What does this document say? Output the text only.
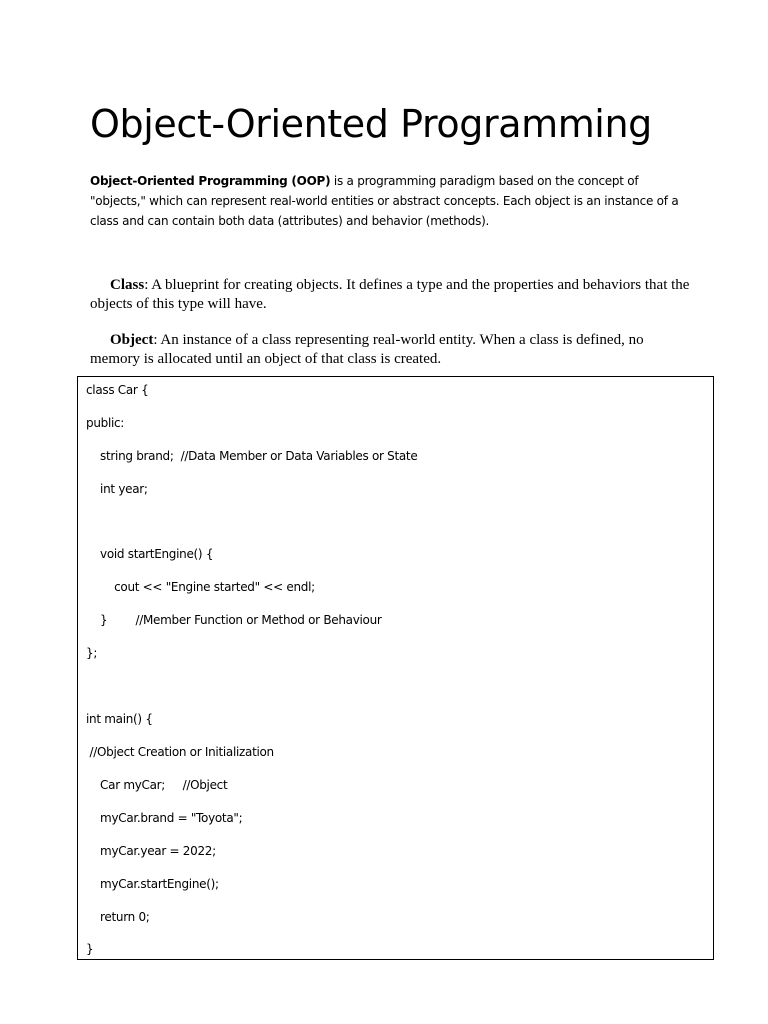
Object-Oriented Programming

Object-Oriented Programming (OOP) is a programming paradigm based on the concept of "objects," which can represent real-world entities or abstract concepts. Each object is an instance of a class and can contain both data (attributes) and behavior (methods).

Class: A blueprint for creating objects. It defines a type and the properties and behaviors that the objects of this type will have.

Object: An instance of a class representing real-world entity. When a class is defined, no memory is allocated until an object of that class is created.

class Car {
public:
string brand;  //Data Member or Data Variables or State
int year;
void startEngine() {
cout << "Engine started" << endl;
}        //Member Function or Method or Behaviour
};
int main() {
//Object Creation or Initialization
Car myCar;     //Object
myCar.brand = "Toyota";
myCar.year = 2022;
myCar.startEngine();
return 0;
}
